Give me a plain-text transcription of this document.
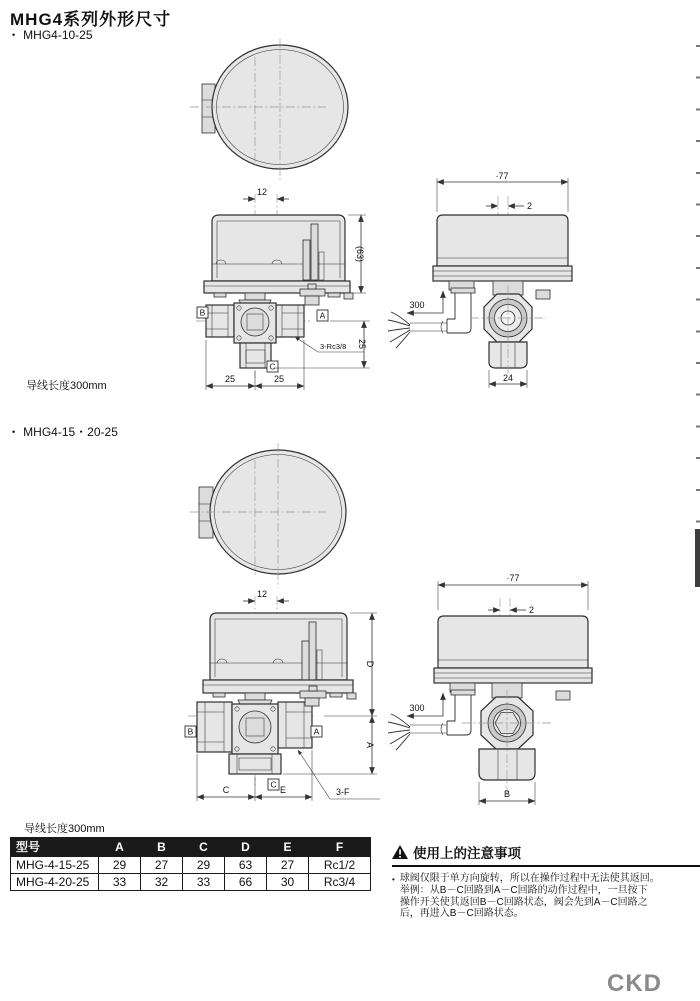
B	A
C
12
(63)
25
3-Rc3/8
25	25
·77
2
300
24
B	A
C
12
D
A
3-F
C	E
·77
2
300
B
MHG4系列外形尺寸
• MHG4-10-25
导线长度300mm
• MHG4-15・20-25
导线长度300mm
型号	A	B	C	D	E	F
MHG-4-15-25	29	27	29	63	27	Rc1/2
MHG-4-20-25	33	32	33	66	30	Rc3/4
使用上的注意事项
• 球阀仅限于单方向旋转，所以在操作过程中无法使其返回。
举例：从B－C回路到A－C回路的动作过程中，一旦按下
操作开关使其返回B－C回路状态，阀会先到A－C回路之
后，再进入B－C回路状态。
CKD
